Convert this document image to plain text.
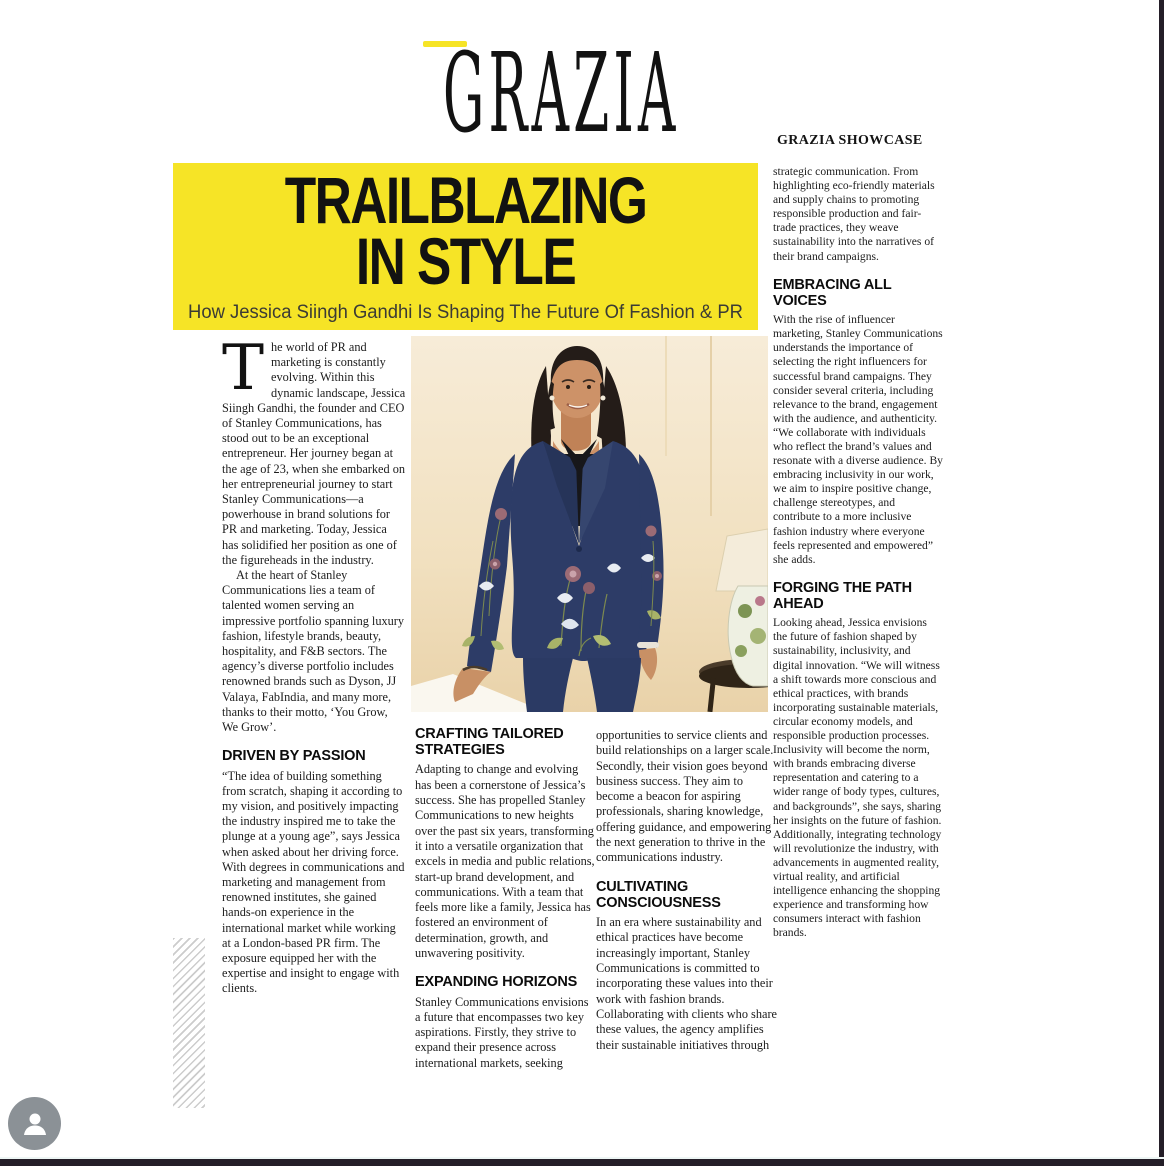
GRAZIA	GRAZIA SHOWCASE
TRAILBLAZING
IN STYLE
How Jessica Siingh Gandhi Is Shaping The Future Of Fashion & PR

The world of PR and marketing is constantly evolving. Within this dynamic landscape, Jessica Siingh Gandhi, the founder and CEO of Stanley Communications, has stood out to be an exceptional entrepreneur. Her journey began at the age of 23, when she embarked on her entrepreneurial journey to start Stanley Communications—a powerhouse in brand solutions for PR and marketing. Today, Jessica has solidified her position as one of the figureheads in the industry.

At the heart of Stanley Communications lies a team of talented women serving an impressive portfolio spanning luxury fashion, lifestyle brands, beauty, hospitality, and F&B sectors. The agency’s diverse portfolio includes renowned brands such as Dyson, JJ Valaya, FabIndia, and many more, thanks to their motto, ‘You Grow, We Grow’.

DRIVEN BY PASSION

“The idea of building something from scratch, shaping it according to my vision, and positively impacting the industry inspired me to take the plunge at a young age”, says Jessica when asked about her driving force. With degrees in communications and marketing and management from renowned institutes, she gained hands-on experience in the international market while working at a London-based PR firm. The exposure equipped her with the expertise and insight to engage with clients.

CRAFTING TAILORED STRATEGIES

Adapting to change and evolving has been a cornerstone of Jessica’s success. She has propelled Stanley Communications to new heights over the past six years, transforming it into a versatile organization that excels in media and public relations, start-up brand development, and communications. With a team that feels more like a family, Jessica has fostered an environment of determination, growth, and unwavering positivity.

EXPANDING HORIZONS

Stanley Communications envisions a future that encompasses two key aspirations. Firstly, they strive to expand their presence across international markets, seeking

opportunities to service clients and build relationships on a larger scale. Secondly, their vision goes beyond business success. They aim to become a beacon for aspiring professionals, sharing knowledge, offering guidance, and empowering the next generation to thrive in the communications industry.

CULTIVATING CONSCIOUSNESS

In an era where sustainability and ethical practices have become increasingly important, Stanley Communications is committed to incorporating these values into their work with fashion brands. Collaborating with clients who share these values, the agency amplifies their sustainable initiatives through

strategic communication. From highlighting eco-friendly materials and supply chains to promoting responsible production and fair-trade practices, they weave sustainability into the narratives of their brand campaigns.

EMBRACING ALL VOICES

With the rise of influencer marketing, Stanley Communications understands the importance of selecting the right influencers for successful brand campaigns. They consider several criteria, including relevance to the brand, engagement with the audience, and authenticity. “We collaborate with individuals who reflect the brand’s values and resonate with a diverse audience. By embracing inclusivity in our work, we aim to inspire positive change, challenge stereotypes, and contribute to a more inclusive fashion industry where everyone feels represented and empowered” she adds.

FORGING THE PATH AHEAD

Looking ahead, Jessica envisions the future of fashion shaped by sustainability, inclusivity, and digital innovation. “We will witness a shift towards more conscious and ethical practices, with brands incorporating sustainable materials, circular economy models, and responsible production processes. Inclusivity will become the norm, with brands embracing diverse representation and catering to a wider range of body types, cultures, and backgrounds”, she says, sharing her insights on the future of fashion. Additionally, integrating technology will revolutionize the industry, with advancements in augmented reality, virtual reality, and artificial intelligence enhancing the shopping experience and transforming how consumers interact with fashion brands.
